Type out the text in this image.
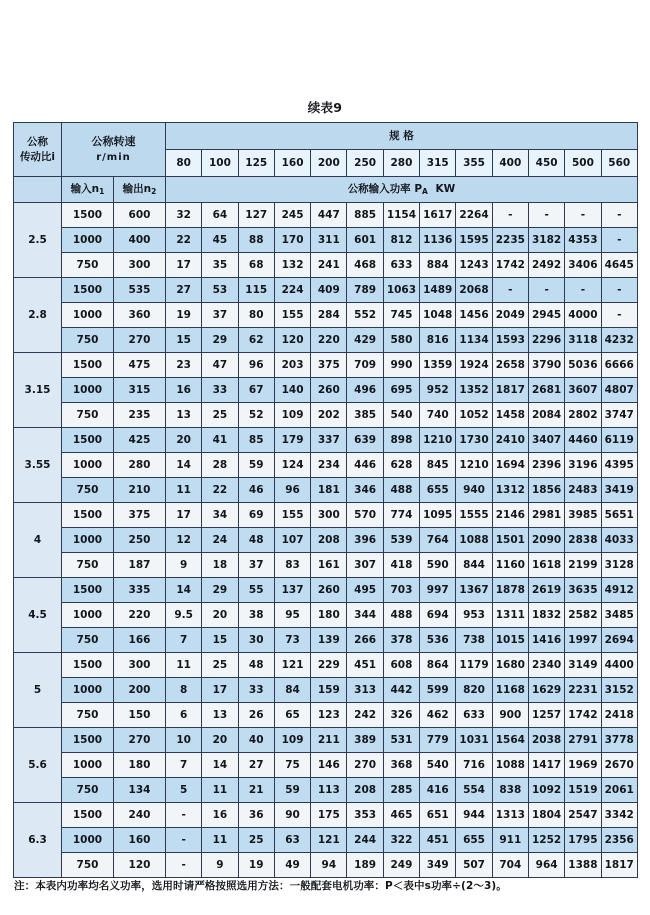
续表9
公称
传动比i	公称转速
r/min		规 格												
			80	100	125	160	200	250	280	315	355	400	450	500	560
	输入$n_1$	输出$n_2$	公称输入功率 $P_A$ KW												
2.5	1500	600	32	64	127	245	447	885	1154	1617	2264	-	-	-	-
	1000	400	22	45	88	170	311	601	812	1136	1595	2235	3182	4353	-
	750	300	17	35	68	132	241	468	633	884	1243	1742	2492	3406	4645
2.8	1500	535	27	53	115	224	409	789	1063	1489	2068	-	-	-	-
	1000	360	19	37	80	155	284	552	745	1048	1456	2049	2945	4000	-
	750	270	15	29	62	120	220	429	580	816	1134	1593	2296	3118	4232
3.15	1500	475	23	47	96	203	375	709	990	1359	1924	2658	3790	5036	6666
	1000	315	16	33	67	140	260	496	695	952	1352	1817	2681	3607	4807
	750	235	13	25	52	109	202	385	540	740	1052	1458	2084	2802	3747
3.55	1500	425	20	41	85	179	337	639	898	1210	1730	2410	3407	4460	6119
	1000	280	14	28	59	124	234	446	628	845	1210	1694	2396	3196	4395
	750	210	11	22	46	96	181	346	488	655	940	1312	1856	2483	3419
4	1500	375	17	34	69	155	300	570	774	1095	1555	2146	2981	3985	5651
	1000	250	12	24	48	107	208	396	539	764	1088	1501	2090	2838	4033
	750	187	9	18	37	83	161	307	418	590	844	1160	1618	2199	3128
4.5	1500	335	14	29	55	137	260	495	703	997	1367	1878	2619	3635	4912
	1000	220	9.5	20	38	95	180	344	488	694	953	1311	1832	2582	3485
	750	166	7	15	30	73	139	266	378	536	738	1015	1416	1997	2694
5	1500	300	11	25	48	121	229	451	608	864	1179	1680	2340	3149	4400
	1000	200	8	17	33	84	159	313	442	599	820	1168	1629	2231	3152
	750	150	6	13	26	65	123	242	326	462	633	900	1257	1742	2418
5.6	1500	270	10	20	40	109	211	389	531	779	1031	1564	2038	2791	3778
	1000	180	7	14	27	75	146	270	368	540	716	1088	1417	1969	2670
	750	134	5	11	21	59	113	208	285	416	554	838	1092	1519	2061
6.3	1500	240	-	16	36	90	175	353	465	651	944	1313	1804	2547	3342
	1000	160	-	11	25	63	121	244	322	451	655	911	1252	1795	2356
	750	120	-	9	19	49	94	189	249	349	507	704	964	1388	1817
注：本表内功率均名义功率，选用时请严格按照选用方法：一般配套电机功率：P＜表中s功率÷(2～3)。
